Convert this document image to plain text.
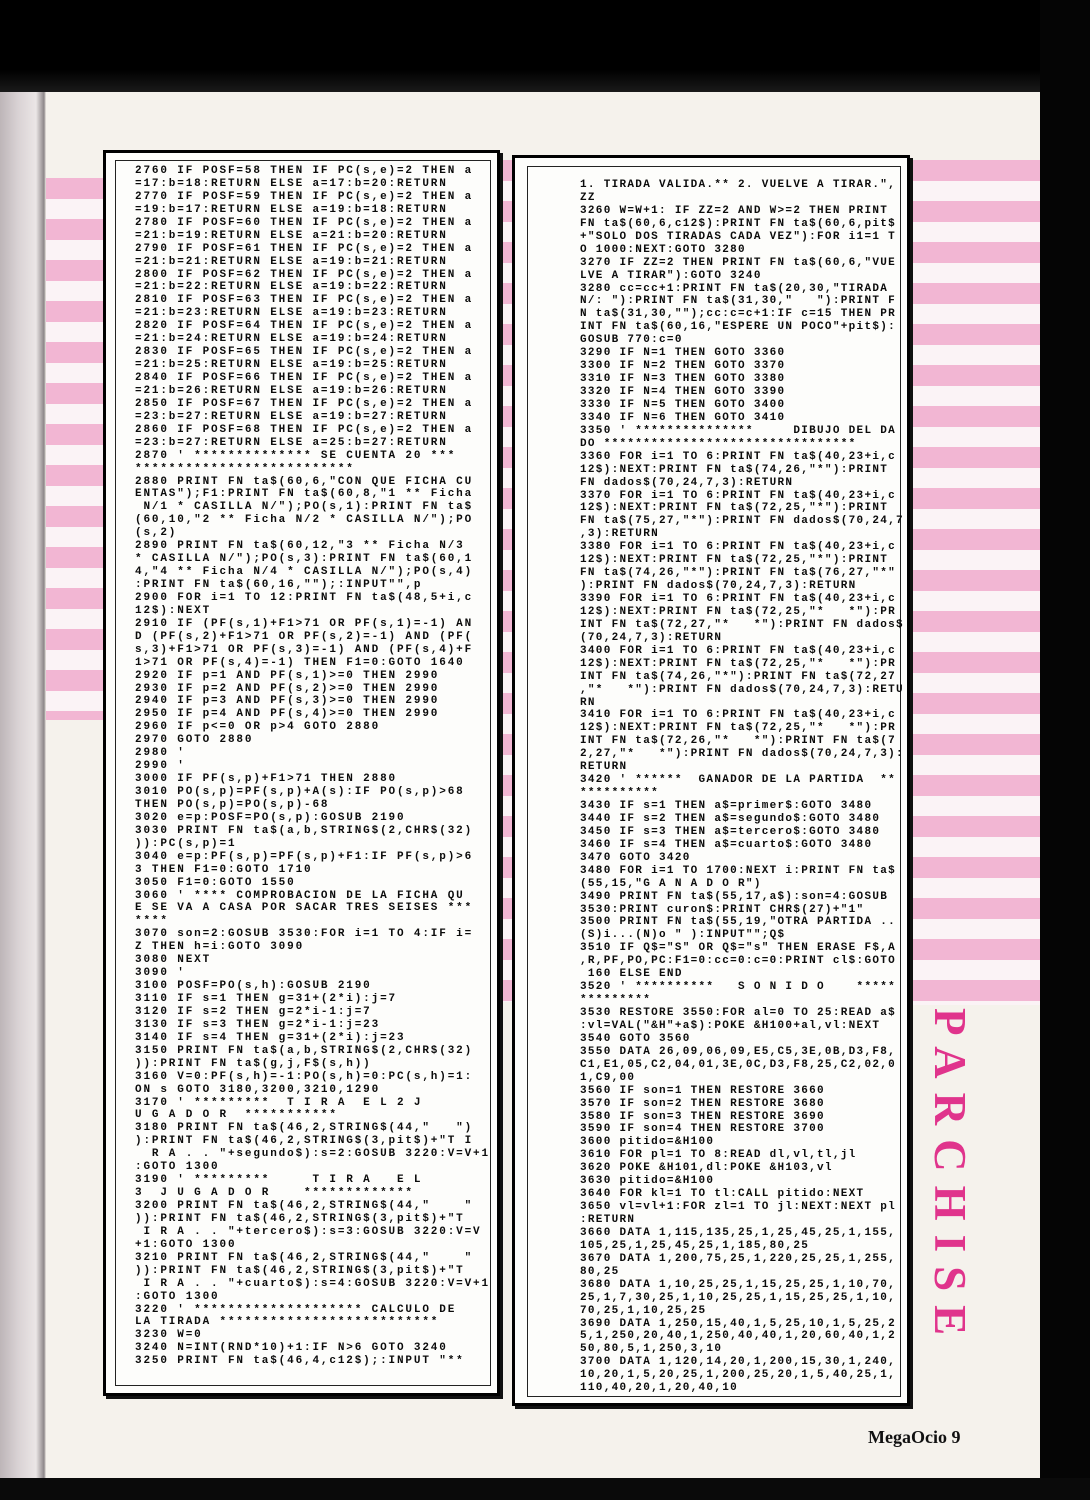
2760 IF POSF=58 THEN IF PC(s,e)=2 THEN a
=17:b=18:RETURN ELSE a=17:b=20:RETURN
2770 IF POSF=59 THEN IF PC(s,e)=2 THEN a
=19:b=17:RETURN ELSE a=19:b=18:RETURN
2780 IF POSF=60 THEN IF PC(s,e)=2 THEN a
=21:b=19:RETURN ELSE a=21:b=20:RETURN
2790 IF POSF=61 THEN IF PC(s,e)=2 THEN a
=21:b=21:RETURN ELSE a=19:b=21:RETURN
2800 IF POSF=62 THEN IF PC(s,e)=2 THEN a
=21:b=22:RETURN ELSE a=19:b=22:RETURN
2810 IF POSF=63 THEN IF PC(s,e)=2 THEN a
=21:b=23:RETURN ELSE a=19:b=23:RETURN
2820 IF POSF=64 THEN IF PC(s,e)=2 THEN a
=21:b=24:RETURN ELSE a=19:b=24:RETURN
2830 IF POSF=65 THEN IF PC(s,e)=2 THEN a
=21:b=25:RETURN ELSE a=19:b=25:RETURN
2840 IF POSF=66 THEN IF PC(s,e)=2 THEN a
=21:b=26:RETURN ELSE a=19:b=26:RETURN
2850 IF POSF=67 THEN IF PC(s,e)=2 THEN a
=23:b=27:RETURN ELSE a=19:b=27:RETURN
2860 IF POSF=68 THEN IF PC(s,e)=2 THEN a
=23:b=27:RETURN ELSE a=25:b=27:RETURN
2870 ' ************** SE CUENTA 20 ***
**************************
2880 PRINT FN ta$(60,6,"CON QUE FICHA CU
ENTAS");F1:PRINT FN ta$(60,8,"1 ** Ficha
N/1 * CASILLA N/");PO(s,1):PRINT FN ta$
(60,10,"2 ** Ficha N/2 * CASILLA N/");PO
(s,2)
2890 PRINT FN ta$(60,12,"3 ** Ficha N/3
* CASILLA N/");PO(s,3):PRINT FN ta$(60,1
4,"4 ** Ficha N/4 * CASILLA N/");PO(s,4)
:PRINT FN ta$(60,16,"");:INPUT"",p
2900 FOR i=1 TO 12:PRINT FN ta$(48,5+i,c
12$):NEXT
2910 IF (PF(s,1)+F1>71 OR PF(s,1)=-1) AN
D (PF(s,2)+F1>71 OR PF(s,2)=-1) AND (PF(
s,3)+F1>71 OR PF(s,3)=-1) AND (PF(s,4)+F
1>71 OR PF(s,4)=-1) THEN F1=0:GOTO 1640
2920 IF p=1 AND PF(s,1)>=0 THEN 2990
2930 IF p=2 AND PF(s,2)>=0 THEN 2990
2940 IF p=3 AND PF(s,3)>=0 THEN 2990
2950 IF p=4 AND PF(s,4)>=0 THEN 2990
2960 IF p<=0 OR p>4 GOTO 2880
2970 GOTO 2880
2980 '
2990 '
3000 IF PF(s,p)+F1>71 THEN 2880
3010 PO(s,p)=PF(s,p)+A(s):IF PO(s,p)>68
THEN PO(s,p)=PO(s,p)-68
3020 e=p:POSF=PO(s,p):GOSUB 2190
3030 PRINT FN ta$(a,b,STRING$(2,CHR$(32)
)):PC(s,p)=1
3040 e=p:PF(s,p)=PF(s,p)+F1:IF PF(s,p)>6
3 THEN F1=0:GOTO 1710
3050 F1=0:GOTO 1550
3060 ' **** COMPROBACION DE LA FICHA QU
E SE VA A CASA POR SACAR TRES SEISES ***
****
3070 son=2:GOSUB 3530:FOR i=1 TO 4:IF i=
Z THEN h=i:GOTO 3090
3080 NEXT
3090 '
3100 POSF=PO(s,h):GOSUB 2190
3110 IF s=1 THEN g=31+(2*i):j=7
3120 IF s=2 THEN g=2*i-1:j=7
3130 IF s=3 THEN g=2*i-1:j=23
3140 IF s=4 THEN g=31+(2*i):j=23
3150 PRINT FN ta$(a,b,STRING$(2,CHR$(32)
)):PRINT FN ta$(g,j,F$(s,h))
3160 V=0:PF(s,h)=-1:PO(s,h)=0:PC(s,h)=1:
ON s GOTO 3180,3200,3210,1290
3170 ' *********  T I R A  E L 2 J
U G A D O R  ***********
3180 PRINT FN ta$(46,2,STRING$(44,"   ")
):PRINT FN ta$(46,2,STRING$(3,pit$)+"T I
R A . . "+segundo$):s=2:GOSUB 3220:V=V+1
:GOTO 1300
3190 ' *********     T I R A   E L
3  J U G A D O R    *************
3200 PRINT FN ta$(46,2,STRING$(44,"    "
)):PRINT FN ta$(46,2,STRING$(3,pit$)+"T
I R A . . "+tercero$):s=3:GOSUB 3220:V=V
+1:GOTO 1300
3210 PRINT FN ta$(46,2,STRING$(44,"    "
)):PRINT FN ta$(46,2,STRING$(3,pit$)+"T
I R A . . "+cuarto$):s=4:GOSUB 3220:V=V+1
:GOTO 1300
3220 ' ******************** CALCULO DE
LA TIRADA **************************
3230 W=0
3240 N=INT(RND*10)+1:IF N>6 GOTO 3240
3250 PRINT FN ta$(46,4,c12$);:INPUT "**
1. TIRADA VALIDA.** 2. VUELVE A TIRAR.",
ZZ
3260 W=W+1: IF ZZ=2 AND W>=2 THEN PRINT
FN ta$(60,6,c12$):PRINT FN ta$(60,6,pit$
+"SOLO DOS TIRADAS CADA VEZ"):FOR i1=1 T
O 1000:NEXT:GOTO 3280
3270 IF ZZ=2 THEN PRINT FN ta$(60,6,"VUE
LVE A TIRAR"):GOTO 3240
3280 cc=cc+1:PRINT FN ta$(20,30,"TIRADA
N/: "):PRINT FN ta$(31,30,"   "):PRINT F
N ta$(31,30,"");cc:c=c+1:IF c=15 THEN PR
INT FN ta$(60,16,"ESPERE UN POCO"+pit$):
GOSUB 770:c=0
3290 IF N=1 THEN GOTO 3360
3300 IF N=2 THEN GOTO 3370
3310 IF N=3 THEN GOTO 3380
3320 IF N=4 THEN GOTO 3390
3330 IF N=5 THEN GOTO 3400
3340 IF N=6 THEN GOTO 3410
3350 ' ***************     DIBUJO DEL DA
DO ********************************
3360 FOR i=1 TO 6:PRINT FN ta$(40,23+i,c
12$):NEXT:PRINT FN ta$(74,26,"*"):PRINT
FN dados$(70,24,7,3):RETURN
3370 FOR i=1 TO 6:PRINT FN ta$(40,23+i,c
12$):NEXT:PRINT FN ta$(72,25,"*"):PRINT
FN ta$(75,27,"*"):PRINT FN dados$(70,24,7
,3):RETURN
3380 FOR i=1 TO 6:PRINT FN ta$(40,23+i,c
12$):NEXT:PRINT FN ta$(72,25,"*"):PRINT
FN ta$(74,26,"*"):PRINT FN ta$(76,27,"*"
):PRINT FN dados$(70,24,7,3):RETURN
3390 FOR i=1 TO 6:PRINT FN ta$(40,23+i,c
12$):NEXT:PRINT FN ta$(72,25,"*   *"):PR
INT FN ta$(72,27,"*   *"):PRINT FN dados$
(70,24,7,3):RETURN
3400 FOR i=1 TO 6:PRINT FN ta$(40,23+i,c
12$):NEXT:PRINT FN ta$(72,25,"*   *"):PR
INT FN ta$(74,26,"*"):PRINT FN ta$(72,27
,"*   *"):PRINT FN dados$(70,24,7,3):RETU
RN
3410 FOR i=1 TO 6:PRINT FN ta$(40,23+i,c
12$):NEXT:PRINT FN ta$(72,25,"*   *"):PR
INT FN ta$(72,26,"*   *"):PRINT FN ta$(7
2,27,"*   *"):PRINT FN dados$(70,24,7,3):
RETURN
3420 ' ******  GANADOR DE LA PARTIDA  **
**********
3430 IF s=1 THEN a$=primer$:GOTO 3480
3440 IF s=2 THEN a$=segundo$:GOTO 3480
3450 IF s=3 THEN a$=tercero$:GOTO 3480
3460 IF s=4 THEN a$=cuarto$:GOTO 3480
3470 GOTO 3420
3480 FOR i=1 TO 1700:NEXT i:PRINT FN ta$
(55,15,"G A N A D O R")
3490 PRINT FN ta$(55,17,a$):son=4:GOSUB
3530:PRINT curon$:PRINT CHR$(27)+"1"
3500 PRINT FN ta$(55,19,"OTRA PARTIDA ..
(S)i...(N)o " ):INPUT"";Q$
3510 IF Q$="S" OR Q$="s" THEN ERASE F$,A
,R,PF,PO,PC:F1=0:cc=0:c=0:PRINT cl$:GOTO
160 ELSE END
3520 ' **********   S O N I D O    *****
*********
3530 RESTORE 3550:FOR al=0 TO 25:READ a$
:vl=VAL("&H"+a$):POKE &H100+al,vl:NEXT
3540 GOTO 3560
3550 DATA 26,09,06,09,E5,C5,3E,0B,D3,F8,
C1,E1,05,C2,04,01,3E,0C,D3,F8,25,C2,02,0
1,C9,00
3560 IF son=1 THEN RESTORE 3660
3570 IF son=2 THEN RESTORE 3680
3580 IF son=3 THEN RESTORE 3690
3590 IF son=4 THEN RESTORE 3700
3600 pitido=&H100
3610 FOR pl=1 TO 8:READ dl,vl,tl,jl
3620 POKE &H101,dl:POKE &H103,vl
3630 pitido=&H100
3640 FOR kl=1 TO tl:CALL pitido:NEXT
3650 vl=vl+1:FOR zl=1 TO jl:NEXT:NEXT pl
:RETURN
3660 DATA 1,115,135,25,1,25,45,25,1,155,
105,25,1,25,45,25,1,185,80,25
3670 DATA 1,200,75,25,1,220,25,25,1,255,
80,25
3680 DATA 1,10,25,25,1,15,25,25,1,10,70,
25,1,7,30,25,1,10,25,25,1,15,25,25,1,10,
70,25,1,10,25,25
3690 DATA 1,250,15,40,1,5,25,10,1,5,25,2
5,1,250,20,40,1,250,40,40,1,20,60,40,1,2
50,80,5,1,250,3,10
3700 DATA 1,120,14,20,1,200,15,30,1,240,
10,20,1,5,20,25,1,200,25,20,1,5,40,25,1,
110,40,20,1,20,40,10
PARCHISE
MegaOcio 9
